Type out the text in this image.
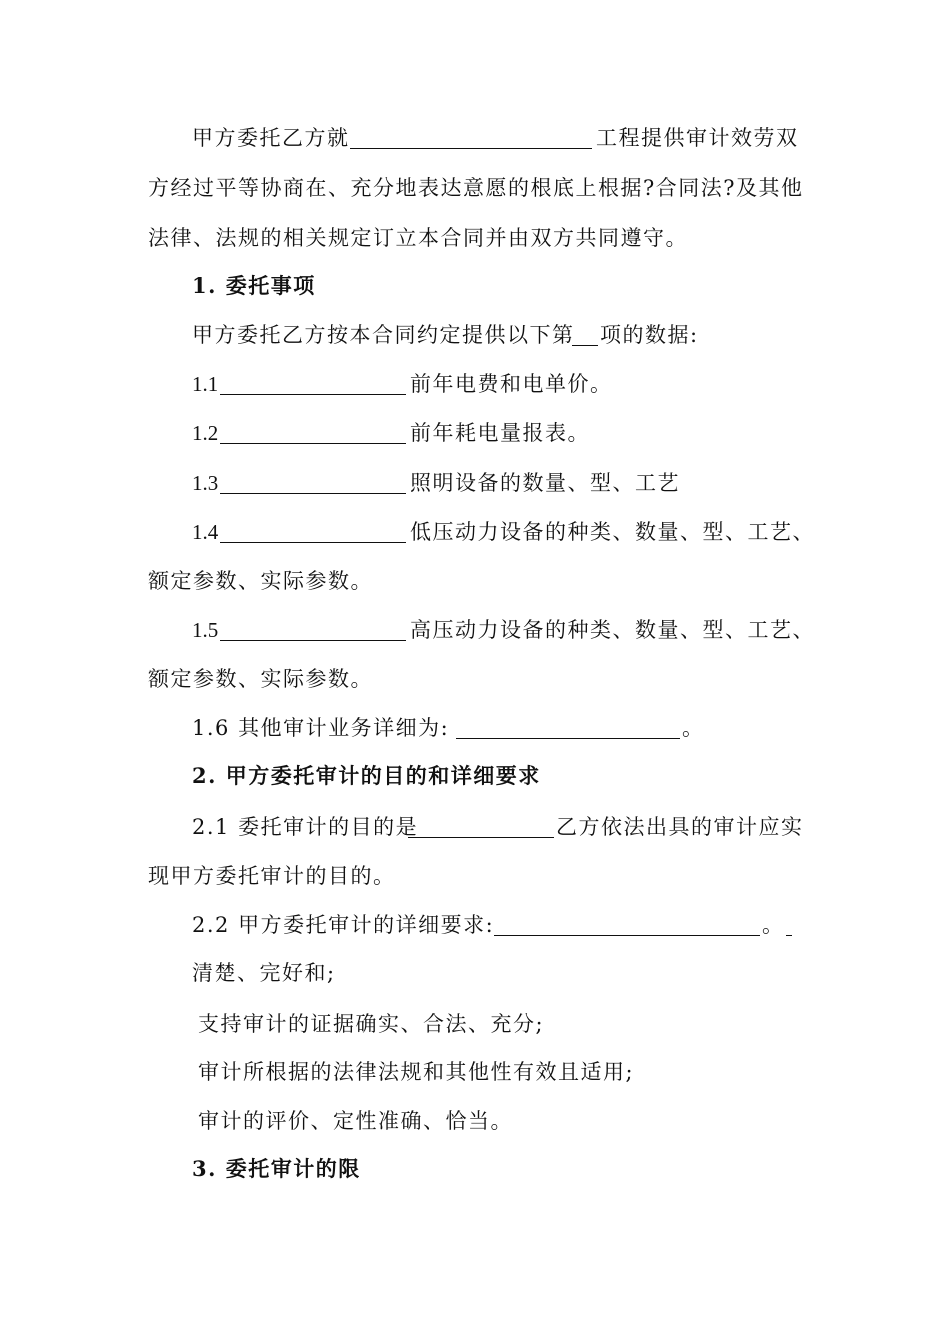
甲方委托乙方就	工程提供审计效劳双
方经过平等协商在、充分地表达意愿的根底上根据?合同法?及其他
法律、法规的相关规定订立本合同并由双方共同遵守。
1. 委托事项
甲方委托乙方按本合同约定提供以下第 项的数据:
1.1	前年电费和电单价。
1.2	前年耗电量报表。
1.3	照明设备的数量、型、工艺
1.4	低压动力设备的种类、数量、型、工艺、
额定参数、实际参数。
1.5	高压动力设备的种类、数量、型、工艺、
额定参数、实际参数。
1.6 其他审计业务详细为:	。
2. 甲方委托审计的目的和详细要求
2.1 委托审计的目的是	乙方依法出具的审计应实
现甲方委托审计的目的。
2.2 甲方委托审计的详细要求:	。
清楚、完好和;
支持审计的证据确实、合法、充分;
审计所根据的法律法规和其他性有效且适用;
审计的评价、定性准确、恰当。
3. 委托审计的限
